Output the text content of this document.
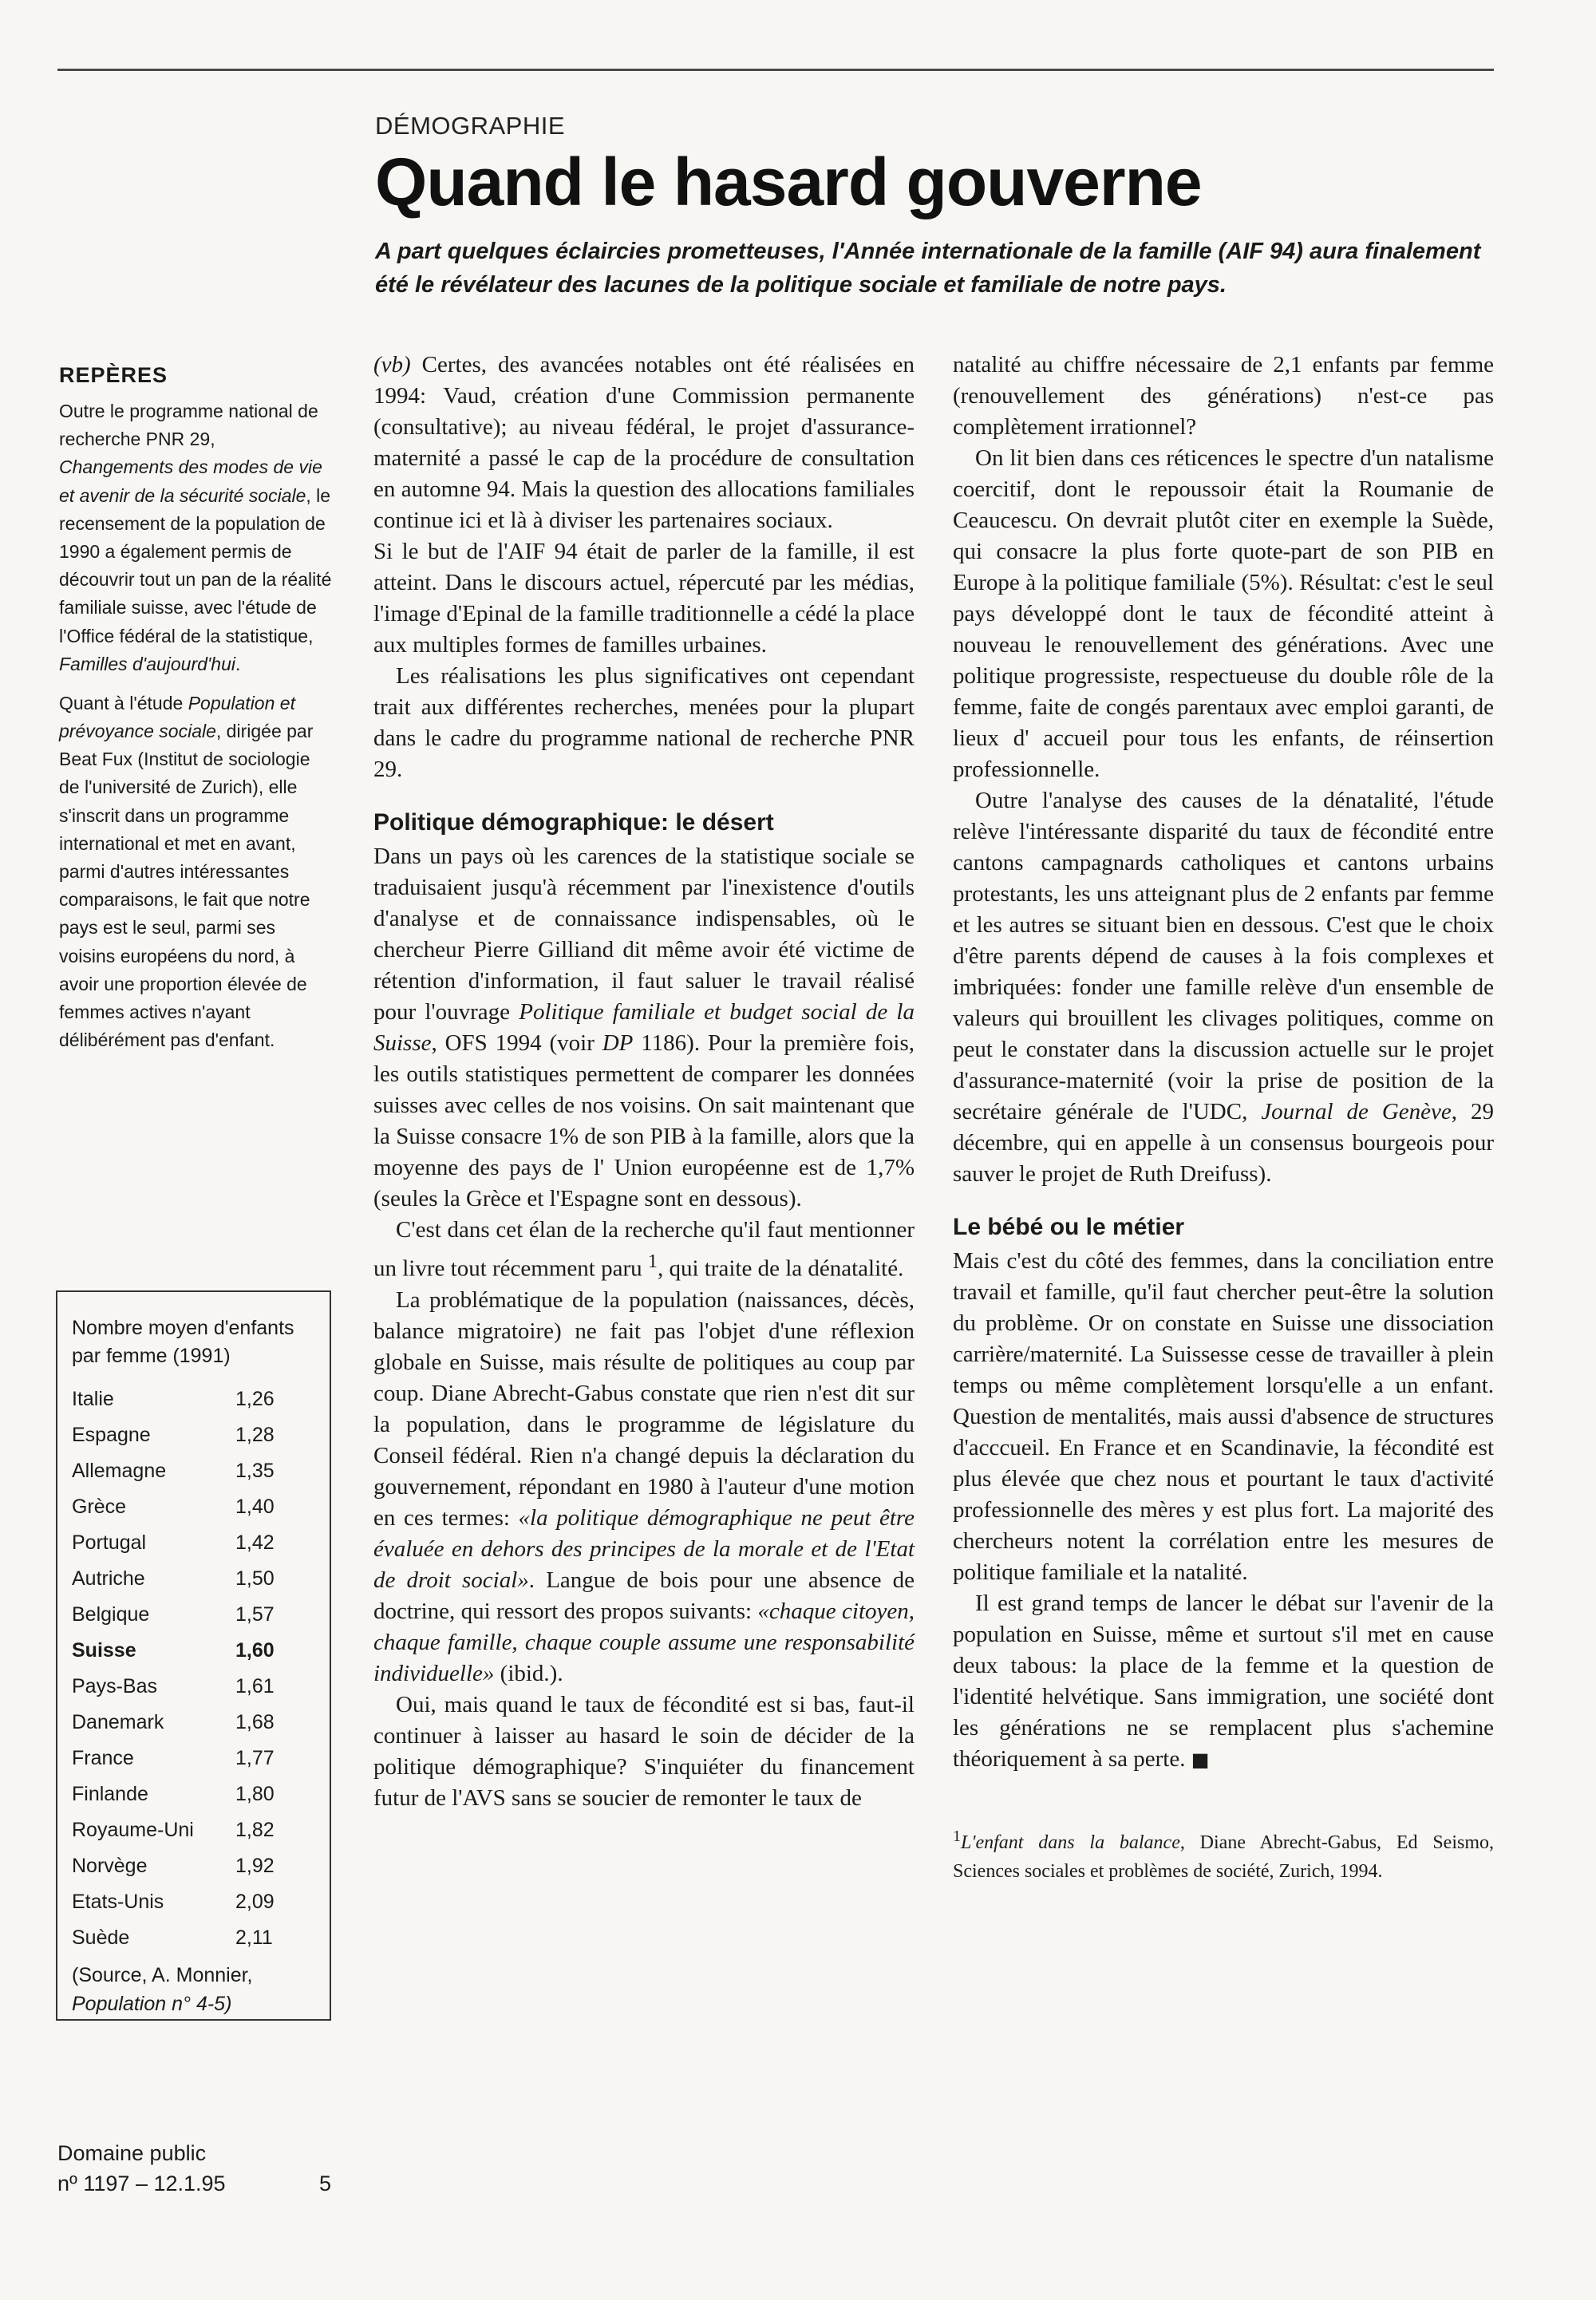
DÉMOGRAPHIE
Quand le hasard gouverne
A part quelques éclaircies prometteuses, l'Année internationale de la famille (AIF 94) aura finalement été le révélateur des lacunes de la politique sociale et familiale de notre pays.
REPÈRES

Outre le programme national de recherche PNR 29, Changements des modes de vie et avenir de la sécurité sociale, le recensement de la population de 1990 a également permis de découvrir tout un pan de la réalité familiale suisse, avec l'étude de l'Office fédéral de la statistique, Familles d'aujourd'hui.

Quant à l'étude Population et prévoyance sociale, dirigée par Beat Fux (Institut de sociologie de l'université de Zurich), elle s'inscrit dans un programme international et met en avant, parmi d'autres intéressantes comparaisons, le fait que notre pays est le seul, parmi ses voisins européens du nord, à avoir une proportion élevée de femmes actives n'ayant délibérément pas d'enfant.

Nombre moyen d'enfants par femme (1991)
Italie	1,26
Espagne	1,28
Allemagne	1,35
Grèce	1,40
Portugal	1,42
Autriche	1,50
Belgique	1,57
Suisse	1,60
Pays-Bas	1,61
Danemark	1,68
France	1,77
Finlande	1,80
Royaume-Uni	1,82
Norvège	1,92
Etats-Unis	2,09
Suède	2,11
(Source, A. Monnier, Population n° 4-5)
Domaine public
nº 1197 – 12.1.95	5

(vb) Certes, des avancées notables ont été réalisées en 1994: Vaud, création d'une Commission permanente (consultative); au niveau fédéral, le projet d'assurance-maternité a passé le cap de la procédure de consultation en automne 94. Mais la question des allocations familiales continue ici et là à diviser les partenaires sociaux.

Si le but de l'AIF 94 était de parler de la famille, il est atteint. Dans le discours actuel, répercuté par les médias, l'image d'Epinal de la famille traditionnelle a cédé la place aux multiples formes de familles urbaines.

Les réalisations les plus significatives ont cependant trait aux différentes recherches, menées pour la plupart dans le cadre du programme national de recherche PNR 29.

Politique démographique: le désert

Dans un pays où les carences de la statistique sociale se traduisaient jusqu'à récemment par l'inexistence d'outils d'analyse et de connaissance indispensables, où le chercheur Pierre Gilliand dit même avoir été victime de rétention d'information, il faut saluer le travail réalisé pour l'ouvrage Politique familiale et budget social de la Suisse, OFS 1994 (voir DP 1186). Pour la première fois, les outils statistiques permettent de comparer les données suisses avec celles de nos voisins. On sait maintenant que la Suisse consacre 1% de son PIB à la famille, alors que la moyenne des pays de l' Union européenne est de 1,7% (seules la Grèce et l'Espagne sont en dessous).

C'est dans cet élan de la recherche qu'il faut mentionner un livre tout récemment paru $^1$, qui traite de la dénatalité.

La problématique de la population (naissances, décès, balance migratoire) ne fait pas l'objet d'une réflexion globale en Suisse, mais résulte de politiques au coup par coup. Diane Abrecht-Gabus constate que rien n'est dit sur la population, dans le programme de législature du Conseil fédéral. Rien n'a changé depuis la déclaration du gouvernement, répondant en 1980 à l'auteur d'une motion en ces termes: «la politique démographique ne peut être évaluée en dehors des principes de la morale et de l'Etat de droit social». Langue de bois pour une absence de doctrine, qui ressort des propos suivants: «chaque citoyen, chaque famille, chaque couple assume une responsabilité individuelle» (ibid.).

Oui, mais quand le taux de fécondité est si bas, faut-il continuer à laisser au hasard le soin de décider de la politique démographique? S'inquiéter du financement futur de l'AVS sans se soucier de remonter le taux de

natalité au chiffre nécessaire de 2,1 enfants par femme (renouvellement des générations) n'est-ce pas complètement irrationnel?

On lit bien dans ces réticences le spectre d'un natalisme coercitif, dont le repoussoir était la Roumanie de Ceaucescu. On devrait plutôt citer en exemple la Suède, qui consacre la plus forte quote-part de son PIB en Europe à la politique familiale (5%). Résultat: c'est le seul pays développé dont le taux de fécondité atteint à nouveau le renouvellement des générations. Avec une politique progressiste, respectueuse du double rôle de la femme, faite de congés parentaux avec emploi garanti, de lieux d' accueil pour tous les enfants, de réinsertion professionnelle.

Outre l'analyse des causes de la dénatalité, l'étude relève l'intéressante disparité du taux de fécondité entre cantons campagnards catholiques et cantons urbains protestants, les uns atteignant plus de 2 enfants par femme et les autres se situant bien en dessous. C'est que le choix d'être parents dépend de causes à la fois complexes et imbriquées: fonder une famille relève d'un ensemble de valeurs qui brouillent les clivages politiques, comme on peut le constater dans la discussion actuelle sur le projet d'assurance-maternité (voir la prise de position de la secrétaire générale de l'UDC, Journal de Genève, 29 décembre, qui en appelle à un consensus bourgeois pour sauver le projet de Ruth Dreifuss).

Le bébé ou le métier

Mais c'est du côté des femmes, dans la conciliation entre travail et famille, qu'il faut chercher peut-être la solution du problème. Or on constate en Suisse une dissociation carrière/maternité. La Suissesse cesse de travailler à plein temps ou même complètement lorsqu'elle a un enfant. Question de mentalités, mais aussi d'absence de structures d'acccueil. En France et en Scandinavie, la fécondité est plus élevée que chez nous et pourtant le taux d'activité professionnelle des mères y est plus fort. La majorité des chercheurs notent la corrélation entre les mesures de politique familiale et la natalité.

Il est grand temps de lancer le débat sur l'avenir de la population en Suisse, même et surtout s'il met en cause deux tabous: la place de la femme et la question de l'identité helvétique. Sans immigration, une société dont les générations ne se remplacent plus s'achemine théoriquement à sa perte. ■

$^1$L'enfant dans la balance, Diane Abrecht-Gabus, Ed Seismo, Sciences sociales et problèmes de société, Zurich, 1994.
